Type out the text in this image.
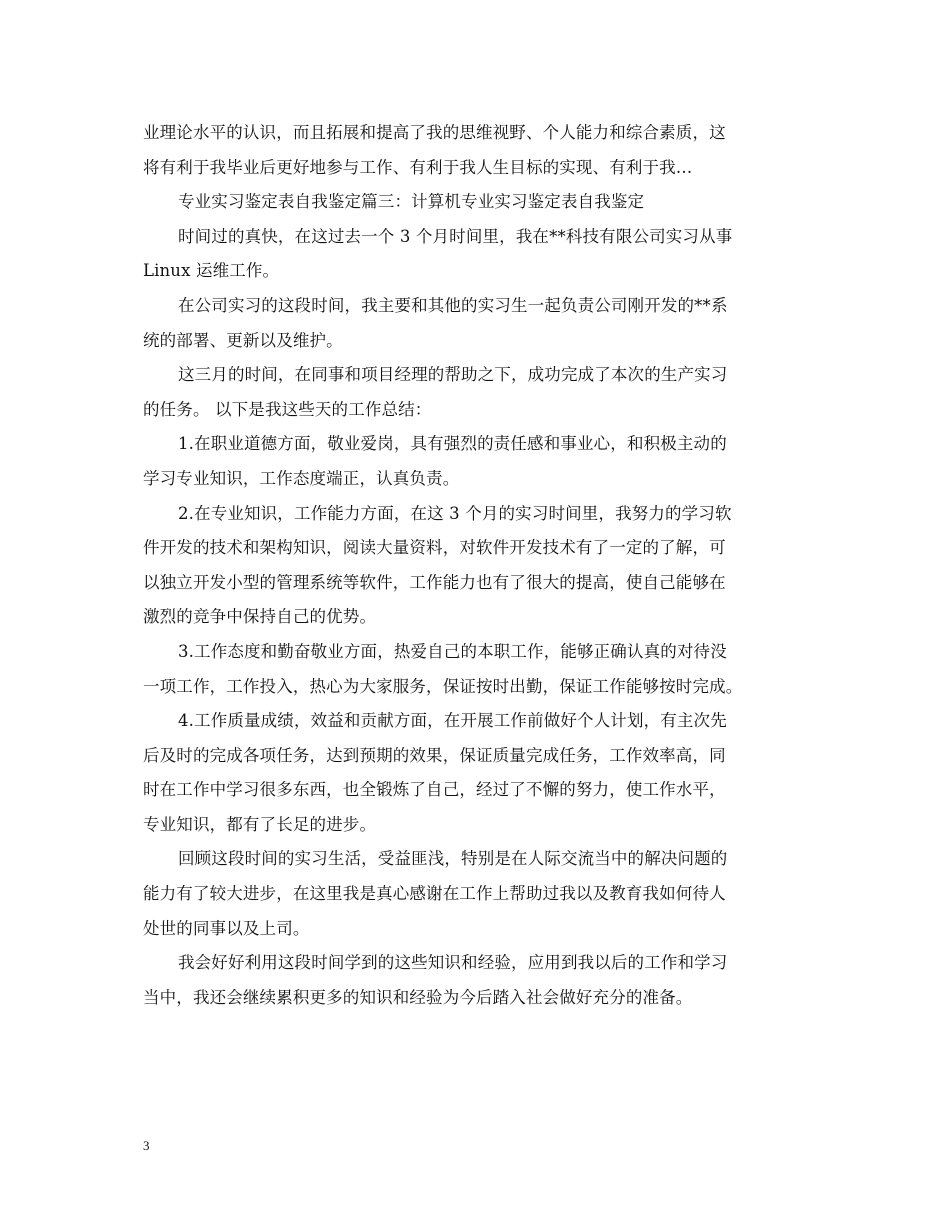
业理论水平的认识，而且拓展和提高了我的思维视野、个人能力和综合素质，这
将有利于我毕业后更好地参与工作、有利于我人生目标的实现、有利于我…
专业实习鉴定表自我鉴定篇三：计算机专业实习鉴定表自我鉴定
时间过的真快，在这过去一个 3 个月时间里，我在**科技有限公司实习从事
Linux 运维工作。
在公司实习的这段时间，我主要和其他的实习生一起负责公司刚开发的**系
统的部署、更新以及维护。
这三月的时间，在同事和项目经理的帮助之下，成功完成了本次的生产实习
的任务。 以下是我这些天的工作总结：
1.在职业道德方面，敬业爱岗，具有强烈的责任感和事业心，和积极主动的
学习专业知识，工作态度端正，认真负责。
2.在专业知识，工作能力方面，在这 3 个月的实习时间里，我努力的学习软
件开发的技术和架构知识，阅读大量资料，对软件开发技术有了一定的了解，可
以独立开发小型的管理系统等软件，工作能力也有了很大的提高，使自己能够在
激烈的竞争中保持自己的优势。
3.工作态度和勤奋敬业方面，热爱自己的本职工作，能够正确认真的对待没
一项工作，工作投入，热心为大家服务，保证按时出勤，保证工作能够按时完成。
4.工作质量成绩，效益和贡献方面，在开展工作前做好个人计划，有主次先
后及时的完成各项任务，达到预期的效果，保证质量完成任务，工作效率高，同
时在工作中学习很多东西，也全锻炼了自己，经过了不懈的努力，使工作水平，
专业知识，都有了长足的进步。
回顾这段时间的实习生活，受益匪浅，特别是在人际交流当中的解决问题的
能力有了较大进步，在这里我是真心感谢在工作上帮助过我以及教育我如何待人
处世的同事以及上司。
我会好好利用这段时间学到的这些知识和经验，应用到我以后的工作和学习
当中，我还会继续累积更多的知识和经验为今后踏入社会做好充分的准备。
3
